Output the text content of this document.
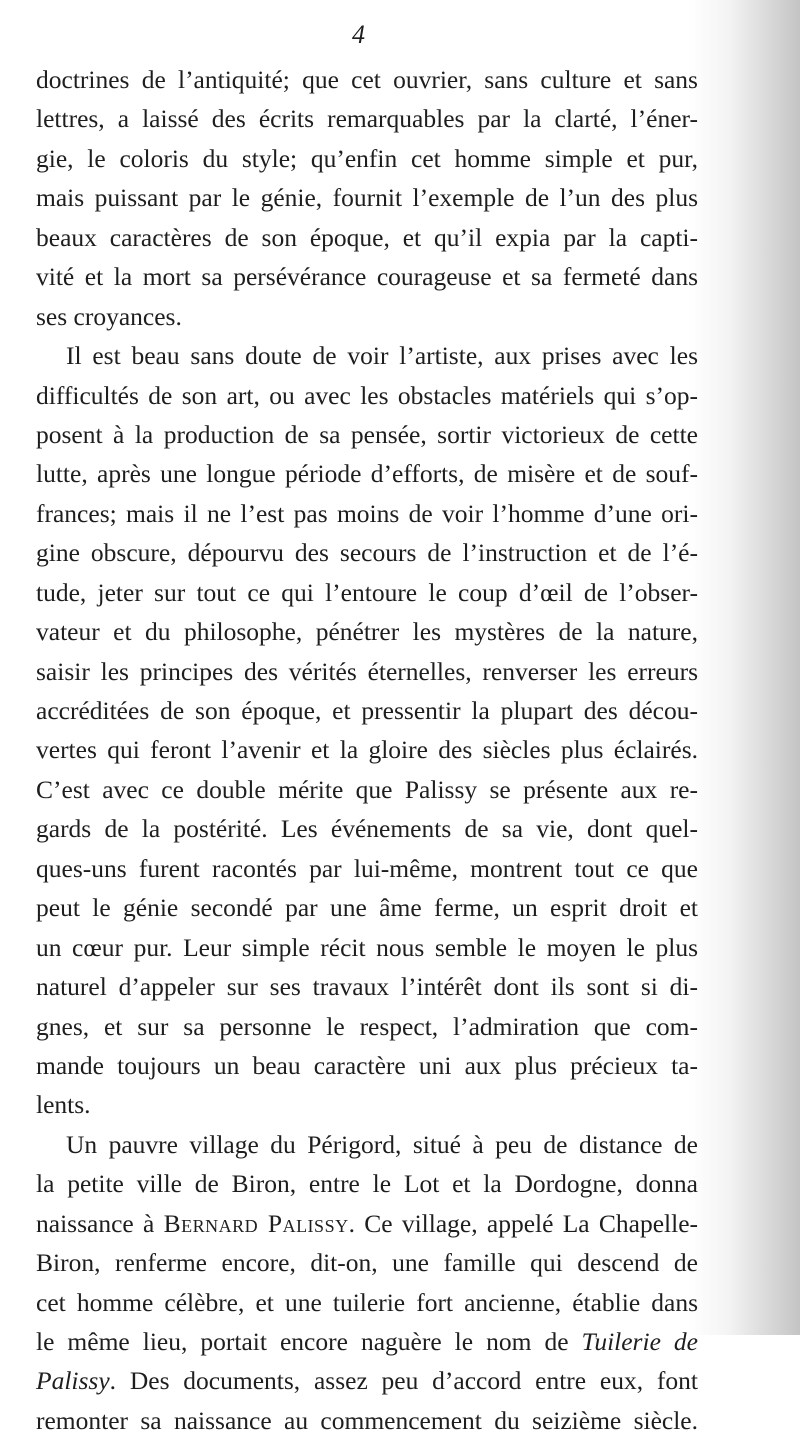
4
doctrines de l’antiquité; que cet ouvrier, sans culture et sans
lettres, a laissé des écrits remarquables par la clarté, l’éner-
gie, le coloris du style; qu’enfin cet homme simple et pur,
mais puissant par le génie, fournit l’exemple de l’un des plus
beaux caractères de son époque, et qu’il expia par la capti-
vité et la mort sa persévérance courageuse et sa fermeté dans
ses croyances.
Il est beau sans doute de voir l’artiste, aux prises avec les
difficultés de son art, ou avec les obstacles matériels qui s’op-
posent à la production de sa pensée, sortir victorieux de cette
lutte, après une longue période d’efforts, de misère et de souf-
frances; mais il ne l’est pas moins de voir l’homme d’une ori-
gine obscure, dépourvu des secours de l’instruction et de l’é-
tude, jeter sur tout ce qui l’entoure le coup d’œil de l’obser-
vateur et du philosophe, pénétrer les mystères de la nature,
saisir les principes des vérités éternelles, renverser les erreurs
accréditées de son époque, et pressentir la plupart des décou-
vertes qui feront l’avenir et la gloire des siècles plus éclairés.
C’est avec ce double mérite que Palissy se présente aux re-
gards de la postérité. Les événements de sa vie, dont quel-
ques-uns furent racontés par lui-même, montrent tout ce que
peut le génie secondé par une âme ferme, un esprit droit et
un cœur pur. Leur simple récit nous semble le moyen le plus
naturel d’appeler sur ses travaux l’intérêt dont ils sont si di-
gnes, et sur sa personne le respect, l’admiration que com-
mande toujours un beau caractère uni aux plus précieux ta-
lents.
Un pauvre village du Périgord, situé à peu de distance de
la petite ville de Biron, entre le Lot et la Dordogne, donna
naissance à Bernard Palissy. Ce village, appelé La Chapelle-
Biron, renferme encore, dit-on, une famille qui descend de
cet homme célèbre, et une tuilerie fort ancienne, établie dans
le même lieu, portait encore naguère le nom de Tuilerie de
Palissy. Des documents, assez peu d’accord entre eux, font
remonter sa naissance au commencement du seizième siècle.
